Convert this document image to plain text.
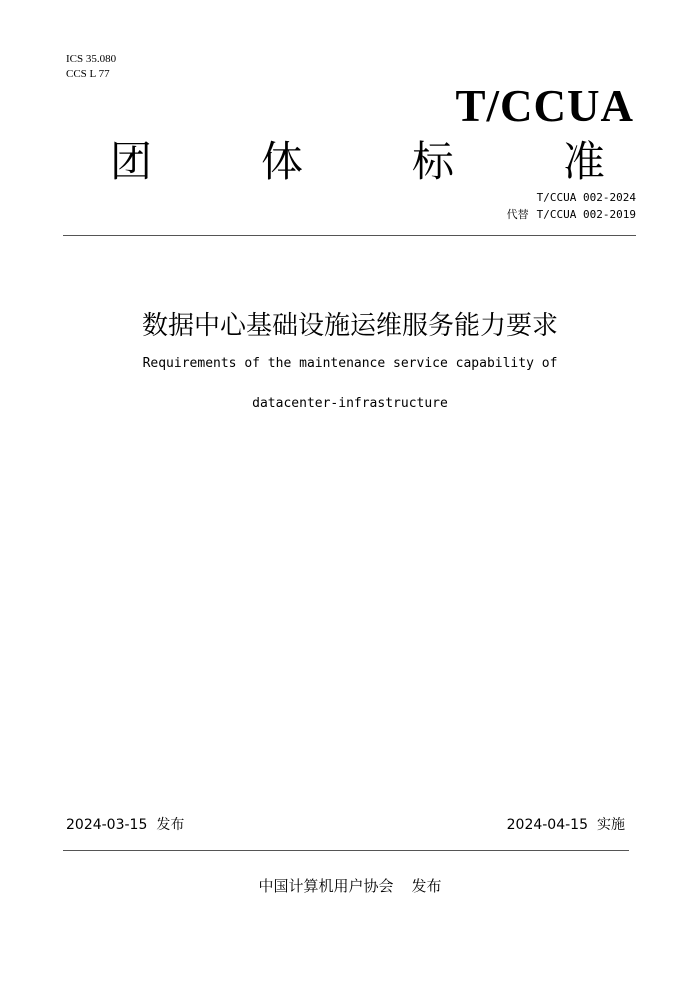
ICS 35.080
CCS L 77
T/CCUA
团	体	标	准
T/CCUA 002-2024
代替 T/CCUA 002-2019
数据中心基础设施运维服务能力要求
Requirements of the maintenance service capability of
datacenter-infrastructure
2024-03-15 发布	2024-04-15 实施
中国计算机用户协会 发布
